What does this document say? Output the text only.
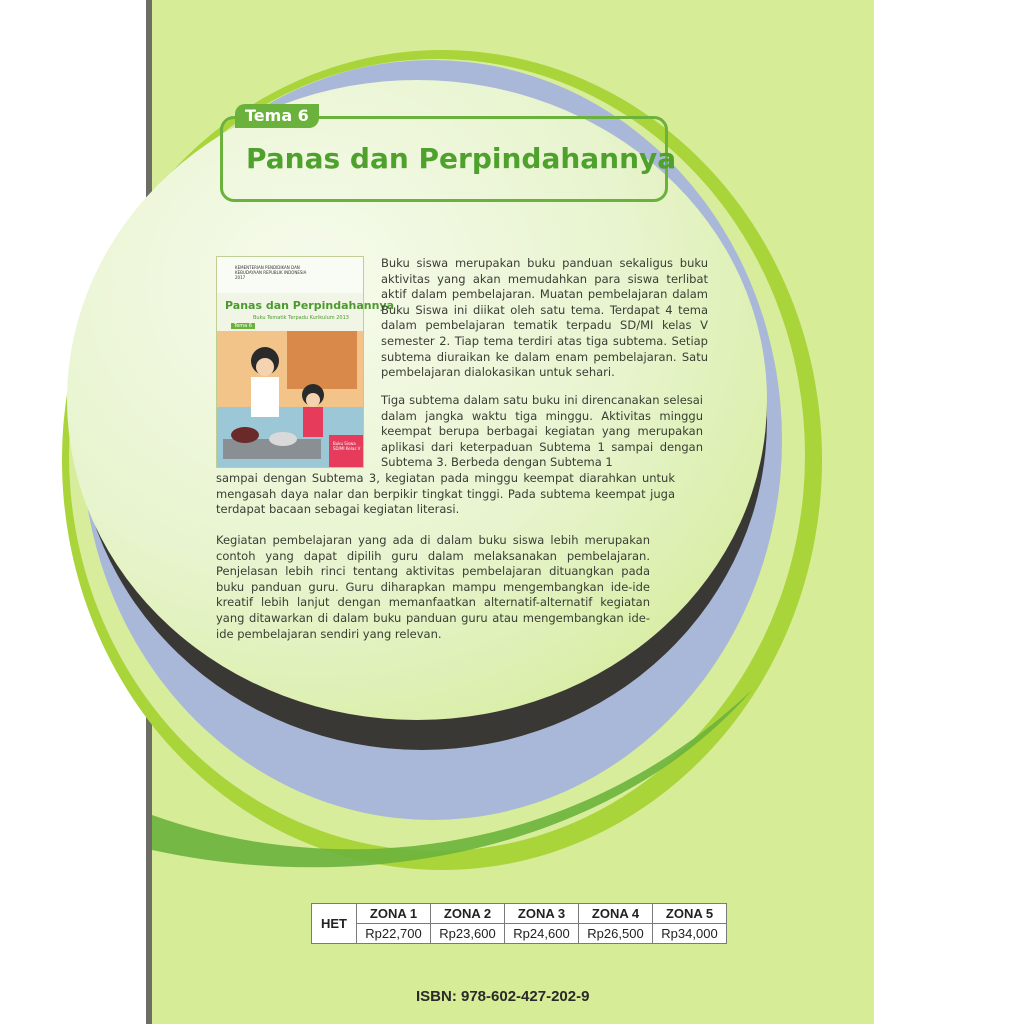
Tema 6
Panas dan Perpindahannya
KEMENTERIAN PENDIDIKAN DAN KEBUDAYAAN REPUBLIK INDONESIA 2017
Panas dan Perpindahannya
Buku Tematik Terpadu Kurikulum 2013
Tema 6
Buku Siswa SD/MI Kelas V

Buku siswa merupakan buku panduan sekaligus buku aktivitas yang akan memudahkan para siswa terlibat aktif dalam pembelajaran. Muatan pembelajaran dalam Buku Siswa ini diikat oleh satu tema. Terdapat 4 tema dalam pembelajaran tematik terpadu SD/MI kelas V semester 2. Tiap tema terdiri atas tiga subtema. Setiap subtema diuraikan ke dalam enam pembelajaran. Satu pembelajaran dialokasikan untuk sehari.

Tiga subtema dalam satu buku ini direncanakan selesai dalam jangka waktu tiga minggu. Aktivitas minggu keempat berupa berbagai kegiatan yang merupakan aplikasi dari keterpaduan Subtema 1 sampai dengan Subtema 3. Berbeda dengan Subtema 1

sampai dengan Subtema 3, kegiatan pada minggu keempat diarahkan untuk mengasah daya nalar dan berpikir tingkat tinggi. Pada subtema keempat juga terdapat bacaan sebagai kegiatan literasi.

Kegiatan pembelajaran yang ada di dalam buku siswa lebih merupakan contoh yang dapat dipilih guru dalam melaksanakan pembelajaran. Penjelasan lebih rinci tentang aktivitas pembelajaran dituangkan pada buku panduan guru. Guru diharapkan mampu mengembangkan ide-ide kreatif lebih lanjut dengan memanfaatkan alternatif-alternatif kegiatan yang ditawarkan di dalam buku panduan guru atau mengembangkan ide-ide pembelajaran sendiri yang relevan.

HET	ZONA 1	ZONA 2	ZONA 3	ZONA 4	ZONA 5
	Rp22,700	Rp23,600	Rp24,600	Rp26,500	Rp34,000
ISBN: 978-602-427-202-9
